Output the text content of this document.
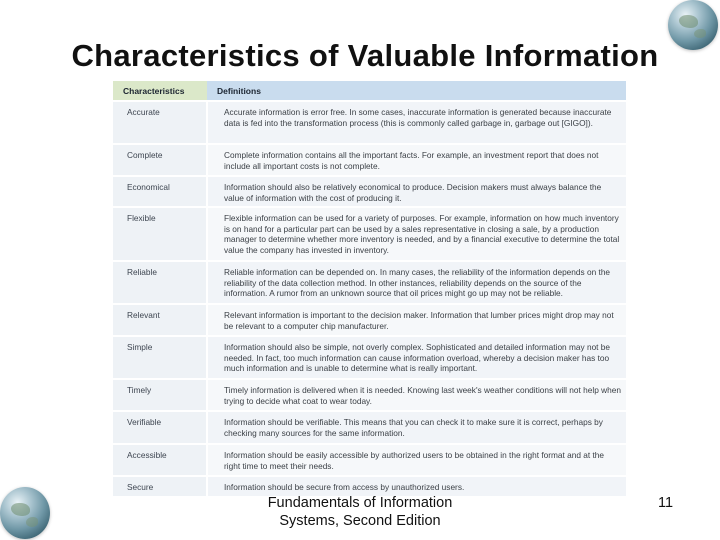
Characteristics of Valuable Information
Characteristics	Definitions
Accurate	Accurate information is error free. In some cases, inaccurate information is generated because inaccurate data is fed into the transformation process (this is commonly called garbage in, garbage out [GIGO]).
Complete	Complete information contains all the important facts. For example, an investment report that does not include all important costs is not complete.
Economical	Information should also be relatively economical to produce. Decision makers must always balance the value of information with the cost of producing it.
Flexible	Flexible information can be used for a variety of purposes. For example, information on how much inventory is on hand for a particular part can be used by a sales representative in closing a sale, by a production manager to determine whether more inventory is needed, and by a financial executive to determine the total value the company has invested in inventory.
Reliable	Reliable information can be depended on. In many cases, the reliability of the information depends on the reliability of the data collection method. In other instances, reliability depends on the source of the information. A rumor from an unknown source that oil prices might go up may not be reliable.
Relevant	Relevant information is important to the decision maker. Information that lumber prices might drop may not be relevant to a computer chip manufacturer.
Simple	Information should also be simple, not overly complex. Sophisticated and detailed information may not be needed. In fact, too much information can cause information overload, whereby a decision maker has too much information and is unable to determine what is really important.
Timely	Timely information is delivered when it is needed. Knowing last week's weather conditions will not help when trying to decide what coat to wear today.
Verifiable	Information should be verifiable. This means that you can check it to make sure it is correct, perhaps by checking many sources for the same information.
Accessible	Information should be easily accessible by authorized users to be obtained in the right format and at the right time to meet their needs.
Secure	Information should be secure from access by unauthorized users.
Fundamentals of Information
Systems, Second Edition
11
